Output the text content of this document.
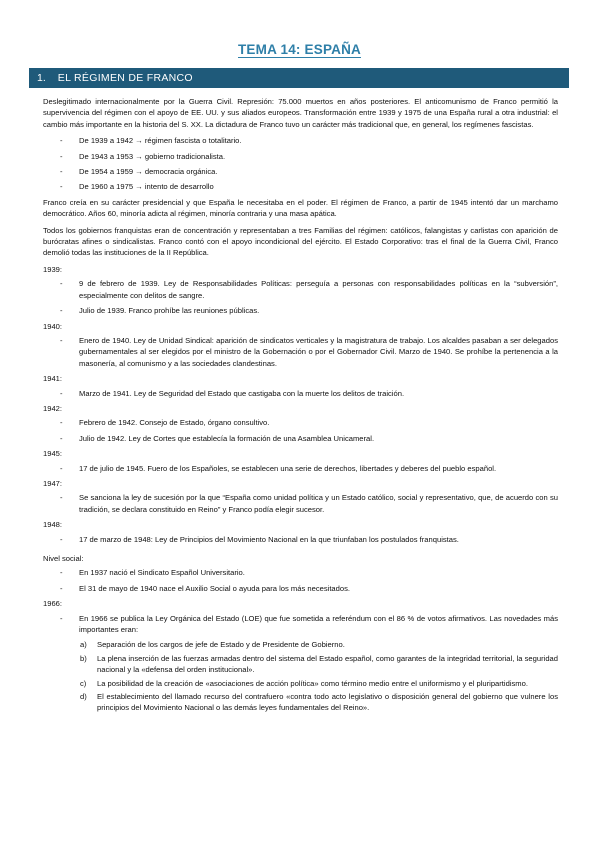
TEMA 14: ESPAÑA
1. EL RÉGIMEN DE FRANCO

Deslegitimado internacionalmente por la Guerra Civil. Represión: 75.000 muertos en años posteriores. El anticomunismo de Franco permitió la supervivencia del régimen con el apoyo de EE. UU. y sus aliados europeos. Transformación entre 1939 y 1975 de una España rural a otra industrial: el cambio más importante en la historia del S. XX. La dictadura de Franco tuvo un carácter más tradicional que, en general, los regímenes fascistas.

- De 1939 a 1942 → régimen fascista o totalitario.
- De 1943 a 1953 → gobierno tradicionalista.
- De 1954 a 1959 → democracia orgánica.
- De 1960 a 1975 → intento de desarrollo

Franco creía en su carácter presidencial y que España le necesitaba en el poder. El régimen de Franco, a partir de 1945 intentó dar un marchamo democrático. Años 60, minoría adicta al régimen, minoría contraria y una masa apática.

Todos los gobiernos franquistas eran de concentración y representaban a tres Familias del régimen: católicos, falangistas y carlistas con aparición de burócratas afines o sindicalistas. Franco contó con el apoyo incondicional del ejército. El Estado Corporativo: tras el final de la Guerra Civil, Franco demolió todas las instituciones de la II República.

1939:
- 9 de febrero de 1939. Ley de Responsabilidades Políticas: perseguía a personas con responsabilidades políticas en la “subversión”, especialmente con delitos de sangre.
- Julio de 1939. Franco prohíbe las reuniones públicas.
1940:
- Enero de 1940. Ley de Unidad Sindical: aparición de sindicatos verticales y la magistratura de trabajo. Los alcaldes pasaban a ser delegados gubernamentales al ser elegidos por el ministro de la Gobernación o por el Gobernador Civil. Marzo de 1940. Se prohíbe la pertenencia a la masonería, al comunismo y a las sociedades clandestinas.
1941:
- Marzo de 1941. Ley de Seguridad del Estado que castigaba con la muerte los delitos de traición.
1942:
- Febrero de 1942. Consejo de Estado, órgano consultivo.
- Julio de 1942. Ley de Cortes que establecía la formación de una Asamblea Unicameral.
1945:
- 17 de julio de 1945. Fuero de los Españoles, se establecen una serie de derechos, libertades y deberes del pueblo español.
1947:
- Se sanciona la ley de sucesión por la que “España como unidad política y un Estado católico, social y representativo, que, de acuerdo con su tradición, se declara constituido en Reino” y Franco podía elegir sucesor.
1948:
- 17 de marzo de 1948: Ley de Principios del Movimiento Nacional en la que triunfaban los postulados franquistas.
Nivel social:
- En 1937 nació el Sindicato Español Universitario.
- El 31 de mayo de 1940 nace el Auxilio Social o ayuda para los más necesitados.
1966:
- En 1966 se publica la Ley Orgánica del Estado (LOE) que fue sometida a referéndum con el 86 % de votos afirmativos. Las novedades más importantes eran:
a) Separación de los cargos de jefe de Estado y de Presidente de Gobierno.
b) La plena inserción de las fuerzas armadas dentro del sistema del Estado español, como garantes de la integridad territorial, la seguridad nacional y la «defensa del orden institucional».
c) La posibilidad de la creación de «asociaciones de acción política» como término medio entre el uniformismo y el pluripartidismo.
d) El establecimiento del llamado recurso del contrafuero «contra todo acto legislativo o disposición general del gobierno que vulnere los principios del Movimiento Nacional o las demás leyes fundamentales del Reino».
